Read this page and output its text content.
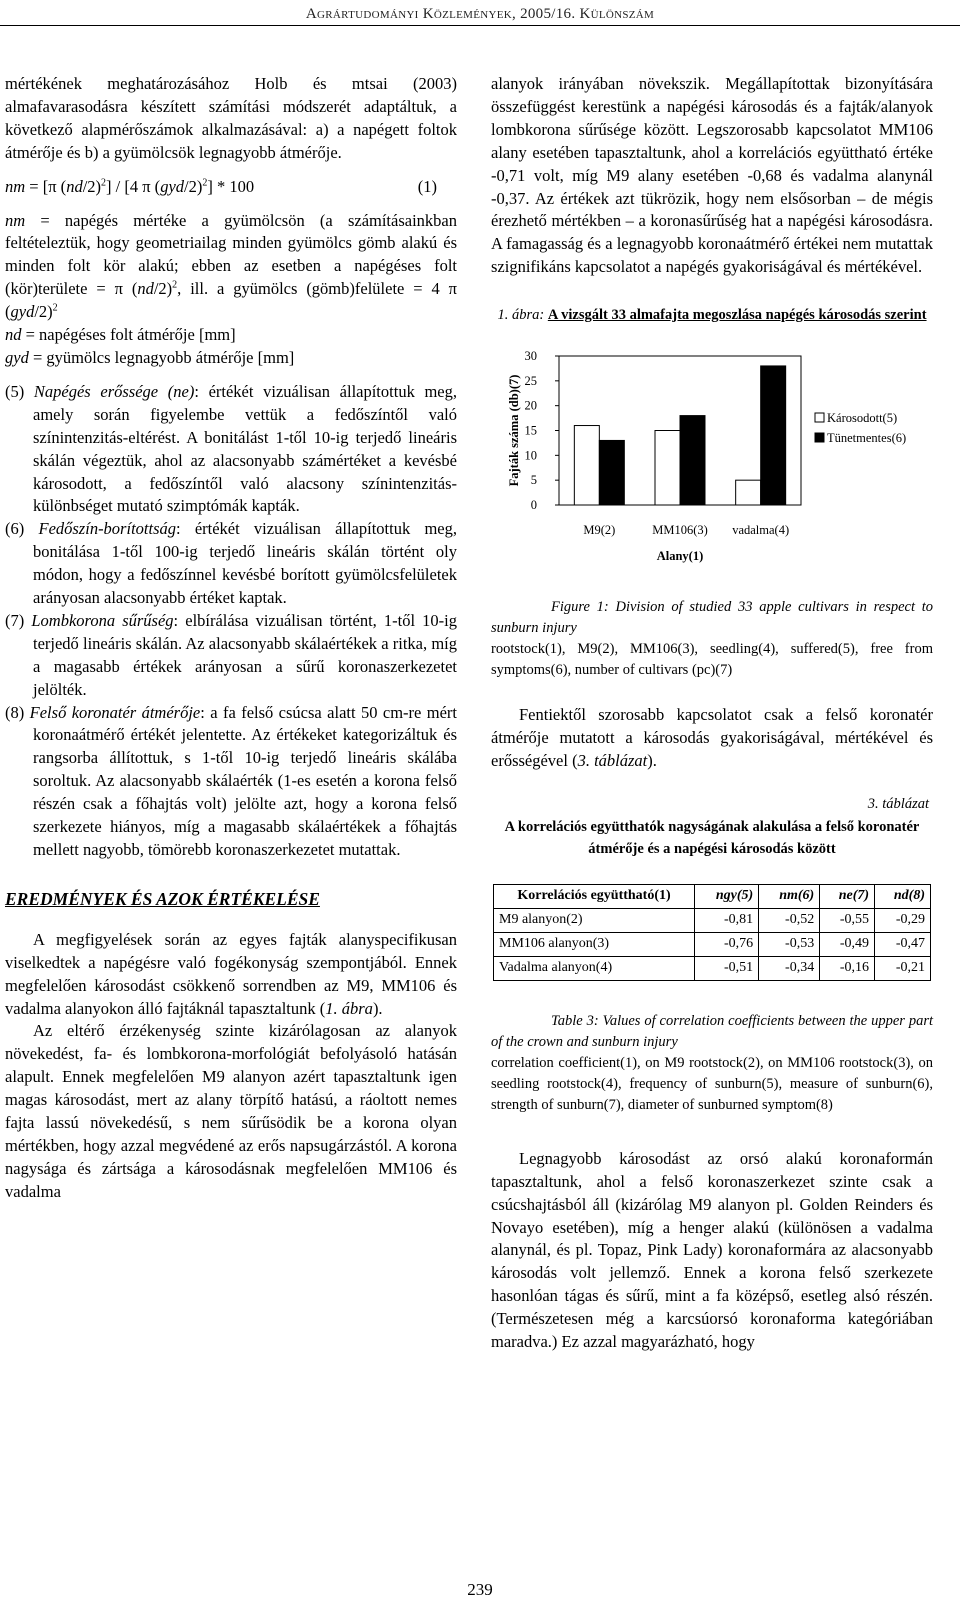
Agrártudományi Közlemények, 2005/16. Különszám

mértékének meghatározásához Holb és mtsai (2003) almafavarasodásra készített számítási módszerét adaptáltuk, a következő alapmérőszámok alkalmazásával: a) a napégett foltok átmérője és b) a gyümölcsök legnagyobb átmérője.

nm = [π $(nd/2)^2] / [4$ π $(gyd/2)^2] * 100$	(1)

nm = napégés mértéke a gyümölcsön (a számításainkban feltételeztük, hogy geometriailag minden gyümölcs gömb alakú és minden folt kör alakú; ebben az esetben a napégéses folt (kör)területe = π $(nd/2)^2$, ill. a gyümölcs (gömb)felülete = 4 π $(gyd/2)^2$

nd = napégéses folt átmérője [mm]

gyd = gyümölcs legnagyobb átmérője [mm]

(5) Napégés erőssége (ne): értékét vizuálisan állapítottuk meg, amely során figyelembe vettük a fedőszíntől való színintenzitás-eltérést. A bonitálást 1-től 10-ig terjedő lineáris skálán végeztük, ahol az alacsonyabb számértéket a kevésbé károsodott, a fedőszíntől való alacsony színintenzitás-különbséget mutató szimptómák kapták.

(6) Fedőszín-borítottság: értékét vizuálisan állapítottuk meg, bonitálása 1-től 100-ig terjedő lineáris skálán történt oly módon, hogy a fedőszínnel kevésbé borított gyümölcsfelületek arányosan alacsonyabb értéket kaptak.

(7) Lombkorona sűrűség: elbírálása vizuálisan történt, 1-től 10-ig terjedő lineáris skálán. Az alacsonyabb skálaértékek a ritka, míg a magasabb értékek arányosan a sűrű koronaszerkezetet jelölték.

(8) Felső koronatér átmérője: a fa felső csúcsa alatt 50 cm-re mért koronaátmérő értékét jelentette. Az értékeket kategorizáltuk és rangsorba állítottuk, s 1-től 10-ig terjedő lineáris skálába soroltuk. Az alacsonyabb skálaérték (1-es esetén a korona felső részén csak a főhajtás volt) jelölte azt, hogy a korona felső szerkezete hiányos, míg a magasabb skálaértékek a főhajtás mellett nagyobb, tömörebb koronaszerkezetet mutattak.

EREDMÉNYEK ÉS AZOK ÉRTÉKELÉSE

A megfigyelések során az egyes fajták alanyspecifikusan viselkedtek a napégésre való fogékonyság szempontjából. Ennek megfelelően károsodást csökkenő sorrendben az M9, MM106 és vadalma alanyokon álló fajtáknál tapasztaltunk (1. ábra).

Az eltérő érzékenység szinte kizárólagosan az alanyok növekedést, fa- és lombkorona-morfológiát befolyásoló hatásán alapult. Ennek megfelelően M9 alanyon azért tapasztaltunk igen magas károsodást, mert az alany törpítő hatású, a ráoltott nemes fajta lassú növekedésű, s nem sűrűsödik be a korona olyan mértékben, hogy azzal megvédené az erős napsugárzástól. A korona nagysága és zártsága a károsodásnak megfelelően MM106 és vadalma

alanyok irányában növekszik. Megállapítottak bizonyítására összefüggést kerestünk a napégési károsodás és a fajták/alanyok lombkorona sűrűsége között. Legszorosabb kapcsolatot MM106 alany esetében tapasztaltunk, ahol a korrelációs együttható értéke -0,71 volt, míg M9 alany esetében -0,68 és vadalma alanynál -0,37. Az értékek azt tükrözik, hogy nem elsősorban – de mégis érezhető mértékben – a koronasűrűség hat a napégési károsodásra. A famagasság és a legnagyobb koronaátmérő értékei nem mutattak szignifikáns kapcsolatot a napégés gyakoriságával és mértékével.

1. ábra: A vizsgált 33 almafajta megoszlása napégés károsodás szerint
0
5
10
15
20
25
30
Fajták száma (db)(7)
M9(2)	MM106(3) vadalma(4)
Alany(1)
Károsodott(5)
Tünetmentes(6)

Figure 1: Division of studied 33 apple cultivars in respect to sunburn injury

rootstock(1), M9(2), MM106(3), seedling(4), suffered(5), free from symptoms(6), number of cultivars (pc)(7)

Fentiektől szorosabb kapcsolatot csak a felső koronatér átmérője mutatott a károsodás gyakoriságával, mértékével és erősségével (3. táblázat).

3. táblázat
A korrelációs együtthatók nagyságának alakulása a felső koronatér átmérője és a napégési károsodás között
Korrelációs együttható(1)	ngy(5)	nm(6)	ne(7)	nd(8)
M9 alanyon(2)	-0,81	-0,52	-0,55	-0,29
MM106 alanyon(3)	-0,76	-0,53	-0,49	-0,47
Vadalma alanyon(4)	-0,51	-0,34	-0,16	-0,21

Table 3: Values of correlation coefficients between the upper part of the crown and sunburn injury

correlation coefficient(1), on M9 rootstock(2), on MM106 rootstock(3), on seedling rootstock(4), frequency of sunburn(5), measure of sunburn(6), strength of sunburn(7), diameter of sunburned symptom(8)

Legnagyobb károsodást az orsó alakú koronaformán tapasztaltunk, ahol a felső koronaszerkezet szinte csak a csúcshajtásból áll (kizárólag M9 alanyon pl. Golden Reinders és Novayo esetében), míg a henger alakú (különösen a vadalma alanynál, és pl. Topaz, Pink Lady) koronaformára az alacsonyabb károsodás volt jellemző. Ennek a korona felső szerkezete hasonlóan tágas és sűrű, mint a fa középső, esetleg alsó részén. (Természetesen még a karcsúorsó koronaforma kategóriában maradva.) Ez azzal magyarázható, hogy

239
